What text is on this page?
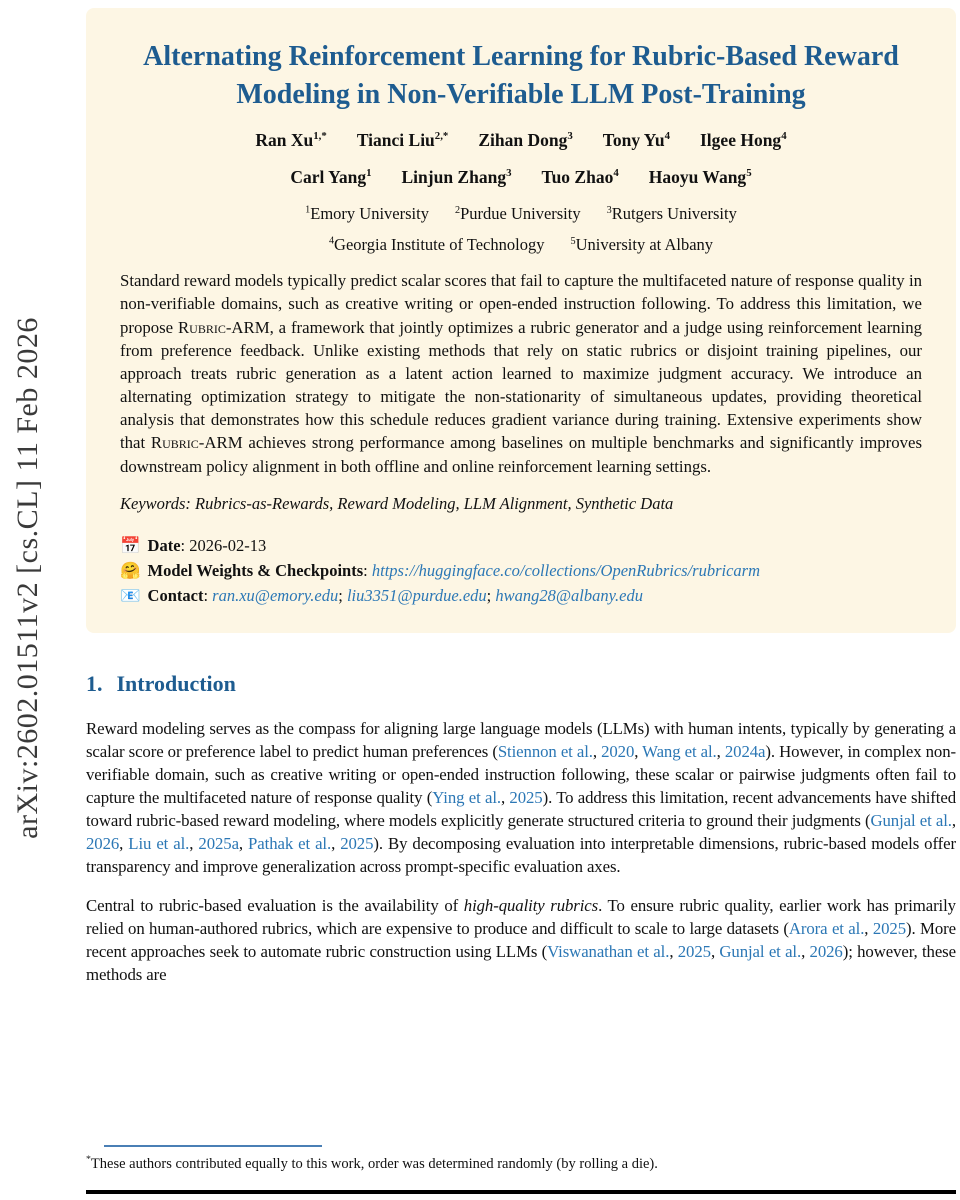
arXiv:2602.01511v2 [cs.CL] 11 Feb 2026
Alternating Reinforcement Learning for Rubric-Based Reward Modeling in Non-Verifiable LLM Post-Training
Ran $Xu^{1,*}$ Tianci Liu$^{2,*}$ Zihan Dong$^3$ Tony Yu$^4$ Ilgee Hong$^4$
Carl Yang$^1$ Linjun Zhang$^3$ Tuo Zhao$^4$ Haoyu Wang$^5$
$^1$Emory University	$^2$Purdue University	$^3$Rutgers University
$^4$Georgia Institute of Technology	$^5$University at Albany

Standard reward models typically predict scalar scores that fail to capture the multifaceted nature of response quality in non-verifiable domains, such as creative writing or open-ended instruction following. To address this limitation, we propose Rubric-ARM, a framework that jointly optimizes a rubric generator and a judge using reinforcement learning from preference feedback. Unlike existing methods that rely on static rubrics or disjoint training pipelines, our approach treats rubric generation as a latent action learned to maximize judgment accuracy. We introduce an alternating optimization strategy to mitigate the non-stationarity of simultaneous updates, providing theoretical analysis that demonstrates how this schedule reduces gradient variance during training. Extensive experiments show that Rubric-ARM achieves strong performance among baselines on multiple benchmarks and significantly improves downstream policy alignment in both offline and online reinforcement learning settings.

Keywords: Rubrics-as-Rewards, Reward Modeling, LLM Alignment, Synthetic Data

📅 Date: 2026-02-13
🤗 Model Weights & Checkpoints: https://huggingface.co/collections/OpenRubrics/rubricarm
📧 Contact: ran.xu@emory.edu; liu3351@purdue.edu; hwang28@albany.edu
1. Introduction

Reward modeling serves as the compass for aligning large language models (LLMs) with human intents, typically by generating a scalar score or preference label to predict human preferences (Stiennon et al., 2020, Wang et al., 2024a). However, in complex non-verifiable domain, such as creative writing or open-ended instruction following, these scalar or pairwise judgments often fail to capture the multifaceted nature of response quality (Ying et al., 2025). To address this limitation, recent advancements have shifted toward rubric-based reward modeling, where models explicitly generate structured criteria to ground their judgments (Gunjal et al., 2026, Liu et al., 2025a, Pathak et al., 2025). By decomposing evaluation into interpretable dimensions, rubric-based models offer transparency and improve generalization across prompt-specific evaluation axes.

Central to rubric-based evaluation is the availability of high-quality rubrics. To ensure rubric quality, earlier work has primarily relied on human-authored rubrics, which are expensive to produce and difficult to scale to large datasets (Arora et al., 2025). More recent approaches seek to automate rubric construction using LLMs (Viswanathan et al., 2025, Gunjal et al., 2026); however, these methods are

*These authors contributed equally to this work, order was determined randomly (by rolling a die).
